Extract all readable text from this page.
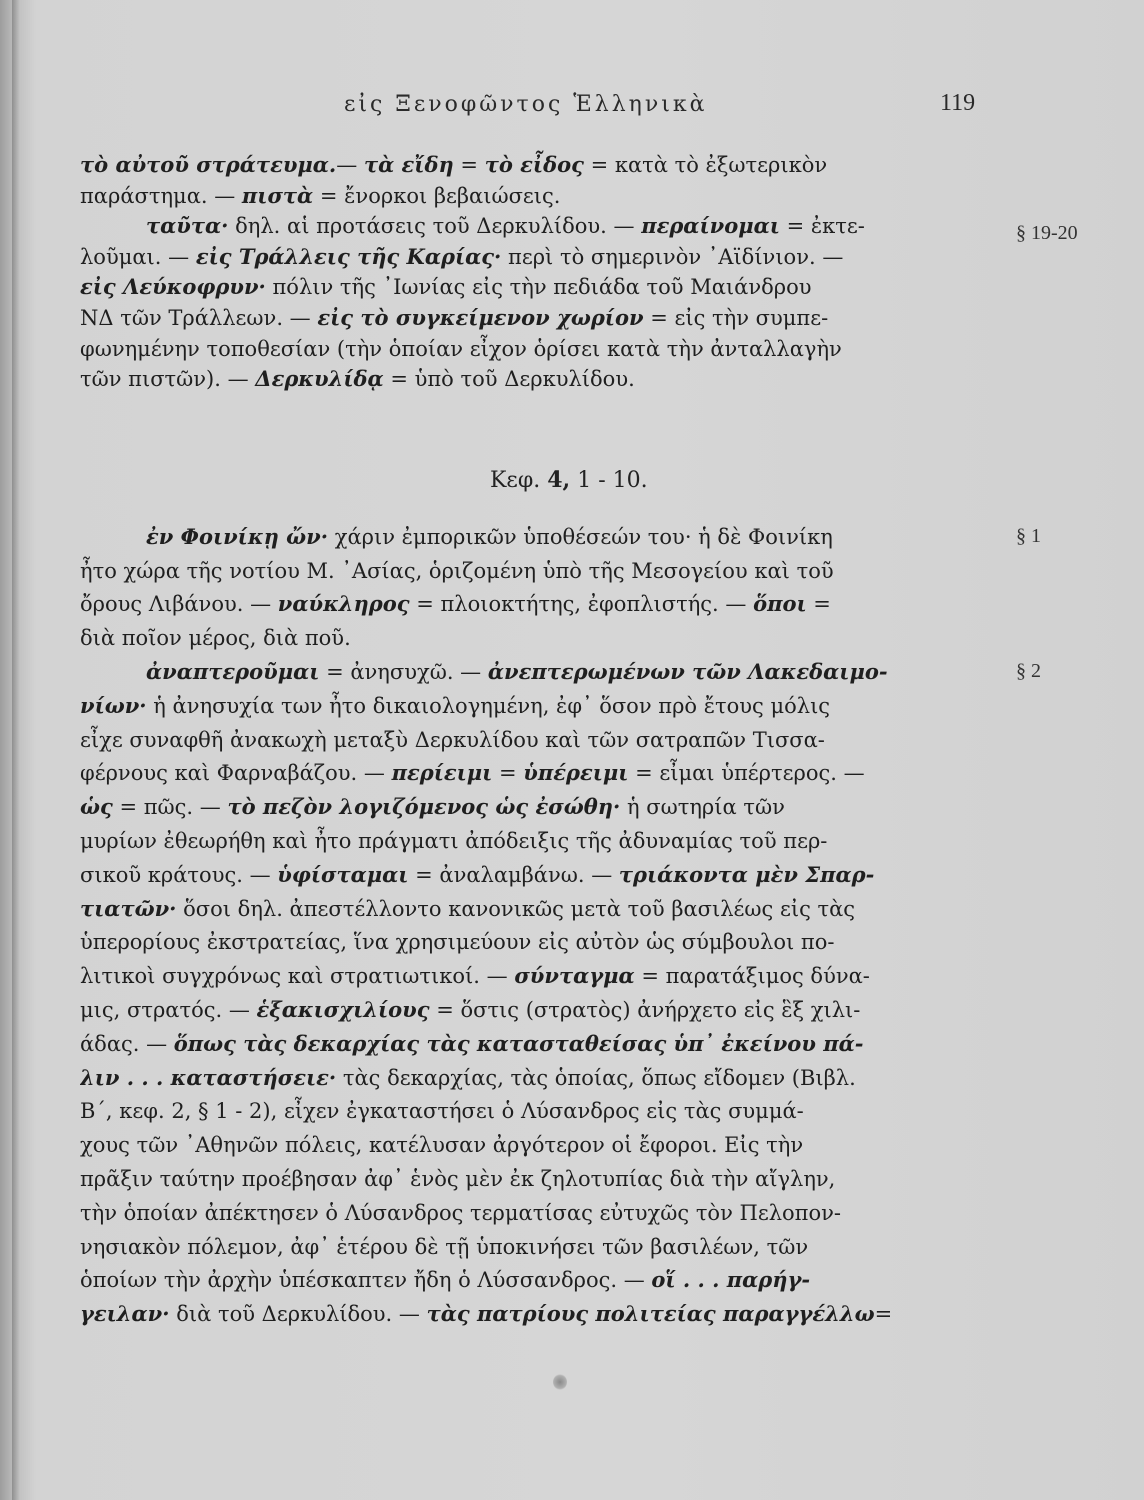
εἰς Ξενοφῶντος Ἑλληνικὰ	119
§ 19-20
§ 1
§ 2
Κεφ. 4, 1 - 10.
τὸ αὐτοῦ στράτευμα.— τὰ εἴδη = τὸ εἶδος = κατὰ τὸ ἐξωτερικὸν
παράστημα. — πιστὰ = ἔνορκοι βεβαιώσεις.
ταῦτα· δηλ. αἱ προτάσεις τοῦ Δερκυλίδου. — περαίνομαι = ἐκτε-
λοῦμαι. — εἰς Τράλλεις τῆς Καρίας· περὶ τὸ σημερινὸν ᾿Αϊδίνιον. —
εἰς Λεύκοφρυν· πόλιν τῆς ᾿Ιωνίας εἰς τὴν πεδιάδα τοῦ Μαιάνδρου
ΝΔ τῶν Τράλλεων. — εἰς τὸ συγκείμενον χωρίον = εἰς τὴν συμπε-
φωνημένην τοποθεσίαν (τὴν ὁποίαν εἶχον ὁρίσει κατὰ τὴν ἀνταλλαγὴν
τῶν πιστῶν). — Δερκυλίδᾳ = ὑπὸ τοῦ Δερκυλίδου.
ἐν Φοινίκῃ ὤν· χάριν ἐμπορικῶν ὑποθέσεών του· ἡ δὲ Φοινίκη
ἦτο χώρα τῆς νοτίου Μ. ᾿Ασίας, ὁριζομένη ὑπὸ τῆς Μεσογείου καὶ τοῦ
ὄρους Λιβάνου. — ναύκληρος = πλοιοκτήτης, ἐφοπλιστής. — ὅποι =
διὰ ποῖον μέρος, διὰ ποῦ.
ἀναπτεροῦμαι = ἀνησυχῶ. — ἀνεπτερωμένων τῶν Λακεδαιμο-
νίων· ἡ ἀνησυχία των ἦτο δικαιολογημένη, ἐφ᾿ ὅσον πρὸ ἔτους μόλις
εἶχε συναφθῆ ἀνακωχὴ μεταξὺ Δερκυλίδου καὶ τῶν σατραπῶν Τισσα-
φέρνους καὶ Φαρναβάζου. — περίειμι = ὑπέρειμι = εἶμαι ὑπέρτερος. —
ὡς = πῶς. — τὸ πεζὸν λογιζόμενος ὡς ἐσώθη· ἡ σωτηρία τῶν
μυρίων ἐθεωρήθη καὶ ἦτο πράγματι ἀπόδειξις τῆς ἀδυναμίας τοῦ περ-
σικοῦ κράτους. — ὑφίσταμαι = ἀναλαμβάνω. — τριάκοντα μὲν Σπαρ-
τιατῶν· ὅσοι δηλ. ἀπεστέλλοντο κανονικῶς μετὰ τοῦ βασιλέως εἰς τὰς
ὑπερορίους ἐκστρατείας, ἵνα χρησιμεύουν εἰς αὐτὸν ὡς σύμβουλοι πο-
λιτικοὶ συγχρόνως καὶ στρατιωτικοί. — σύνταγμα = παρατάξιμος δύνα-
μις, στρατός. — ἑξακισχιλίους = ὅστις (στρατὸς) ἀνήρχετο εἰς ἓξ χιλι-
άδας. — ὅπως τὰς δεκαρχίας τὰς κατασταθείσας ὑπ᾿ ἐκείνου πά-
λιν . . . καταστήσειε· τὰς δεκαρχίας, τὰς ὁποίας, ὅπως εἴδομεν (Βιβλ.
Β΄, κεφ. 2, § 1 - 2), εἶχεν ἐγκαταστήσει ὁ Λύσανδρος εἰς τὰς συμμά-
χους τῶν ᾿Αθηνῶν πόλεις, κατέλυσαν ἀργότερον οἱ ἔφοροι. Εἰς τὴν
πρᾶξιν ταύτην προέβησαν ἀφ᾿ ἑνὸς μὲν ἐκ ζηλοτυπίας διὰ τὴν αἴγλην,
τὴν ὁποίαν ἀπέκτησεν ὁ Λύσανδρος τερματίσας εὐτυχῶς τὸν Πελοπον-
νησιακὸν πόλεμον, ἀφ᾿ ἑτέρου δὲ τῇ ὑποκινήσει τῶν βασιλέων, τῶν
ὁποίων τὴν ἀρχὴν ὑπέσκαπτεν ἤδη ὁ Λύσσανδρος. — οἵ . . . παρήγ-
γειλαν· διὰ τοῦ Δερκυλίδου. — τὰς πατρίους πολιτείας παραγγέλλω=
